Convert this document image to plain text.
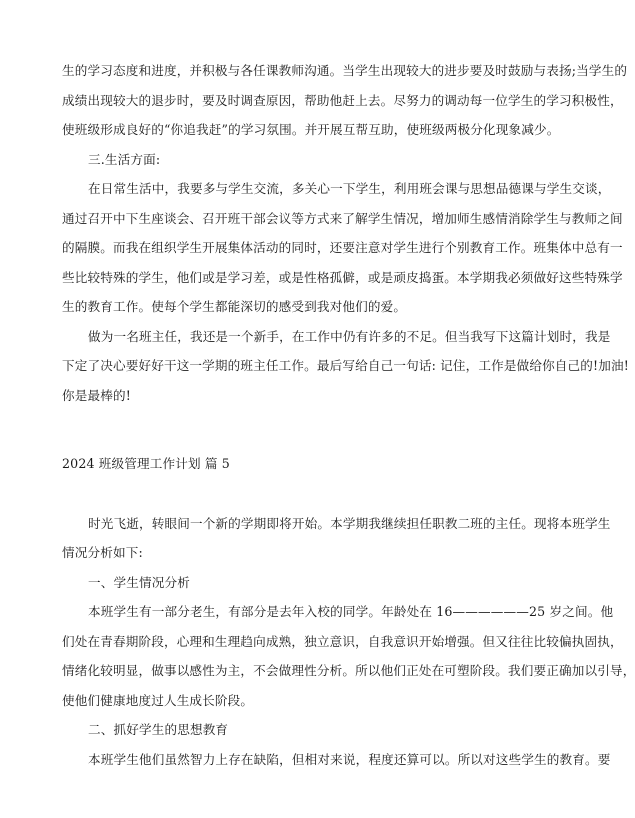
生的学习态度和进度，并积极与各任课教师沟通。当学生出现较大的进步要及时鼓励与表扬;当学生的
成绩出现较大的退步时，要及时调查原因，帮助他赶上去。尽努力的调动每一位学生的学习积极性，
使班级形成良好的“你追我赶”的学习氛围。并开展互帮互助，使班级两极分化现象减少。
三.生活方面:
在日常生活中，我要多与学生交流，多关心一下学生，利用班会课与思想品德课与学生交谈，
通过召开中下生座谈会、召开班干部会议等方式来了解学生情况，增加师生感情消除学生与教师之间
的隔膜。而我在组织学生开展集体活动的同时，还要注意对学生进行个别教育工作。班集体中总有一
些比较特殊的学生，他们或是学习差，或是性格孤僻，或是顽皮捣蛋。本学期我必须做好这些特殊学
生的教育工作。使每个学生都能深切的感受到我对他们的爱。
做为一名班主任，我还是一个新手，在工作中仍有许多的不足。但当我写下这篇计划时，我是
下定了决心要好好干这一学期的班主任工作。最后写给自己一句话: 记住，工作是做给你自己的!加油!
你是最棒的!
2024 班级管理工作计划 篇 5
时光飞逝，转眼间一个新的学期即将开始。本学期我继续担任职教二班的主任。现将本班学生
情况分析如下:
一、学生情况分析
本班学生有一部分老生，有部分是去年入校的同学。年龄处在 16——————25 岁之间。他
们处在青春期阶段，心理和生理趋向成熟，独立意识，自我意识开始增强。但又往往比较偏执固执，
情绪化较明显，做事以感性为主，不会做理性分析。所以他们正处在可塑阶段。我们要正确加以引导，
使他们健康地度过人生成长阶段。
二、抓好学生的思想教育
本班学生他们虽然智力上存在缺陷，但相对来说，程度还算可以。所以对这些学生的教育。要
